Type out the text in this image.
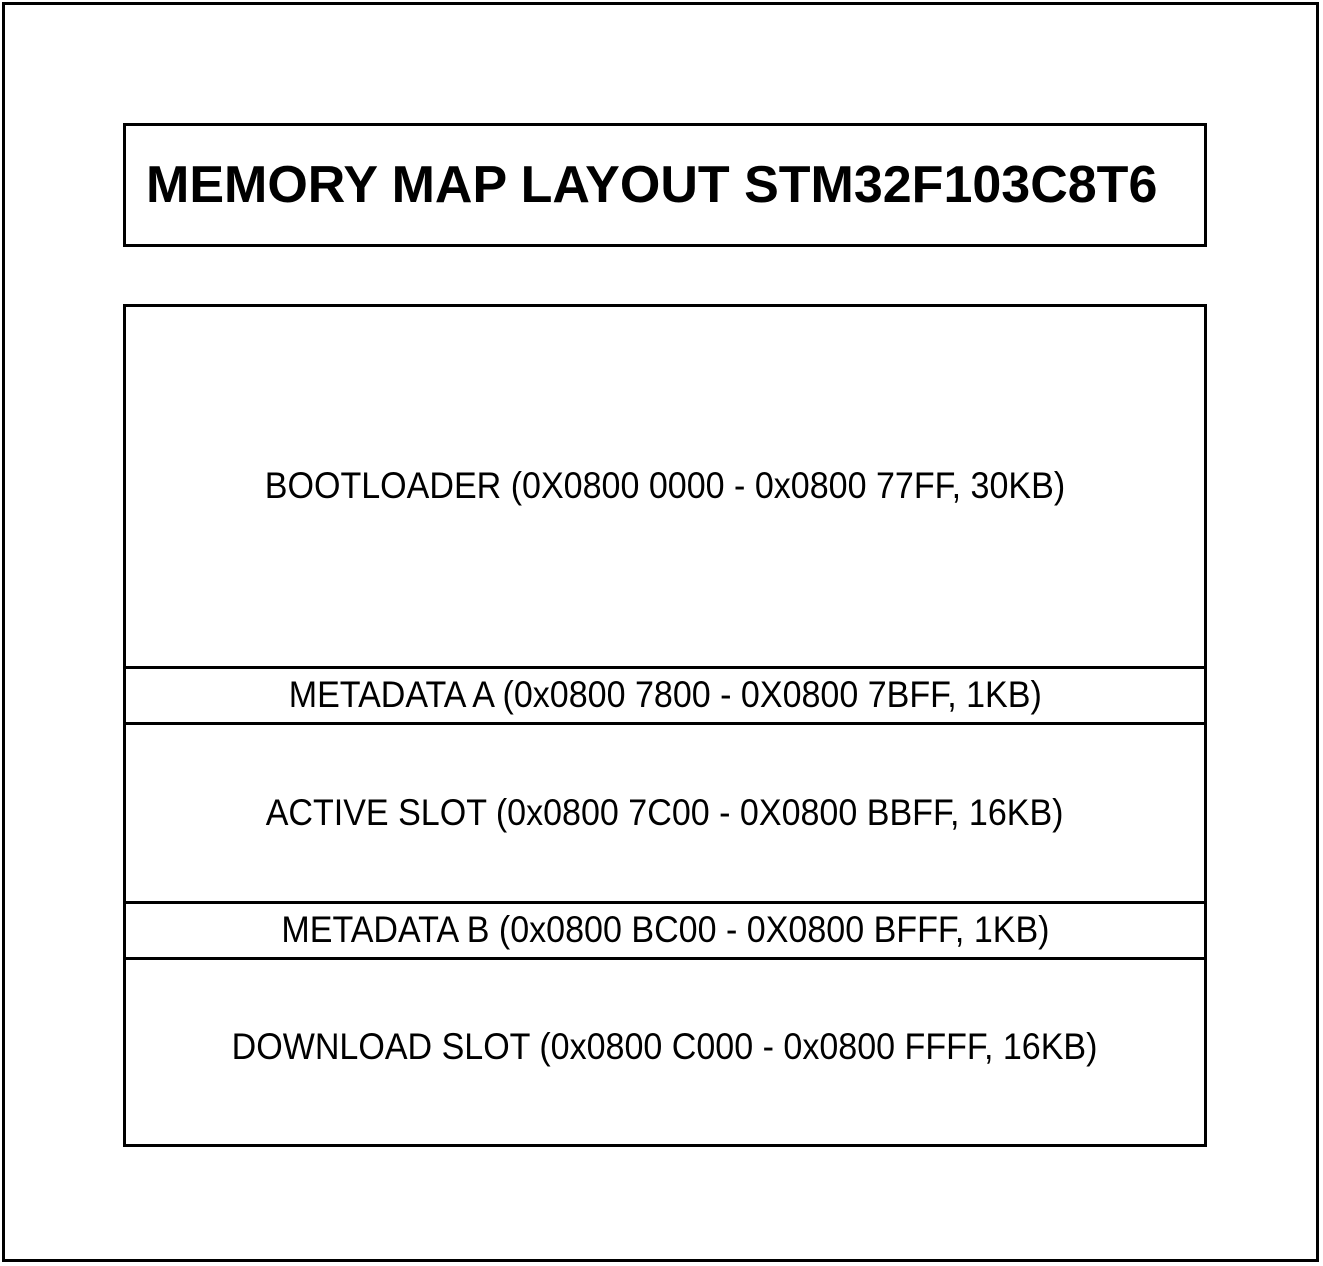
MEMORY MAP LAYOUT STM32F103C8T6
BOOTLOADER (0X0800 0000 - 0x0800 77FF, 30KB)
METADATA A (0x0800 7800 - 0X0800 7BFF, 1KB)
ACTIVE SLOT (0x0800 7C00 - 0X0800 BBFF, 16KB)
METADATA B (0x0800 BC00 - 0X0800 BFFF, 1KB)
DOWNLOAD SLOT (0x0800 C000 - 0x0800 FFFF, 16KB)
